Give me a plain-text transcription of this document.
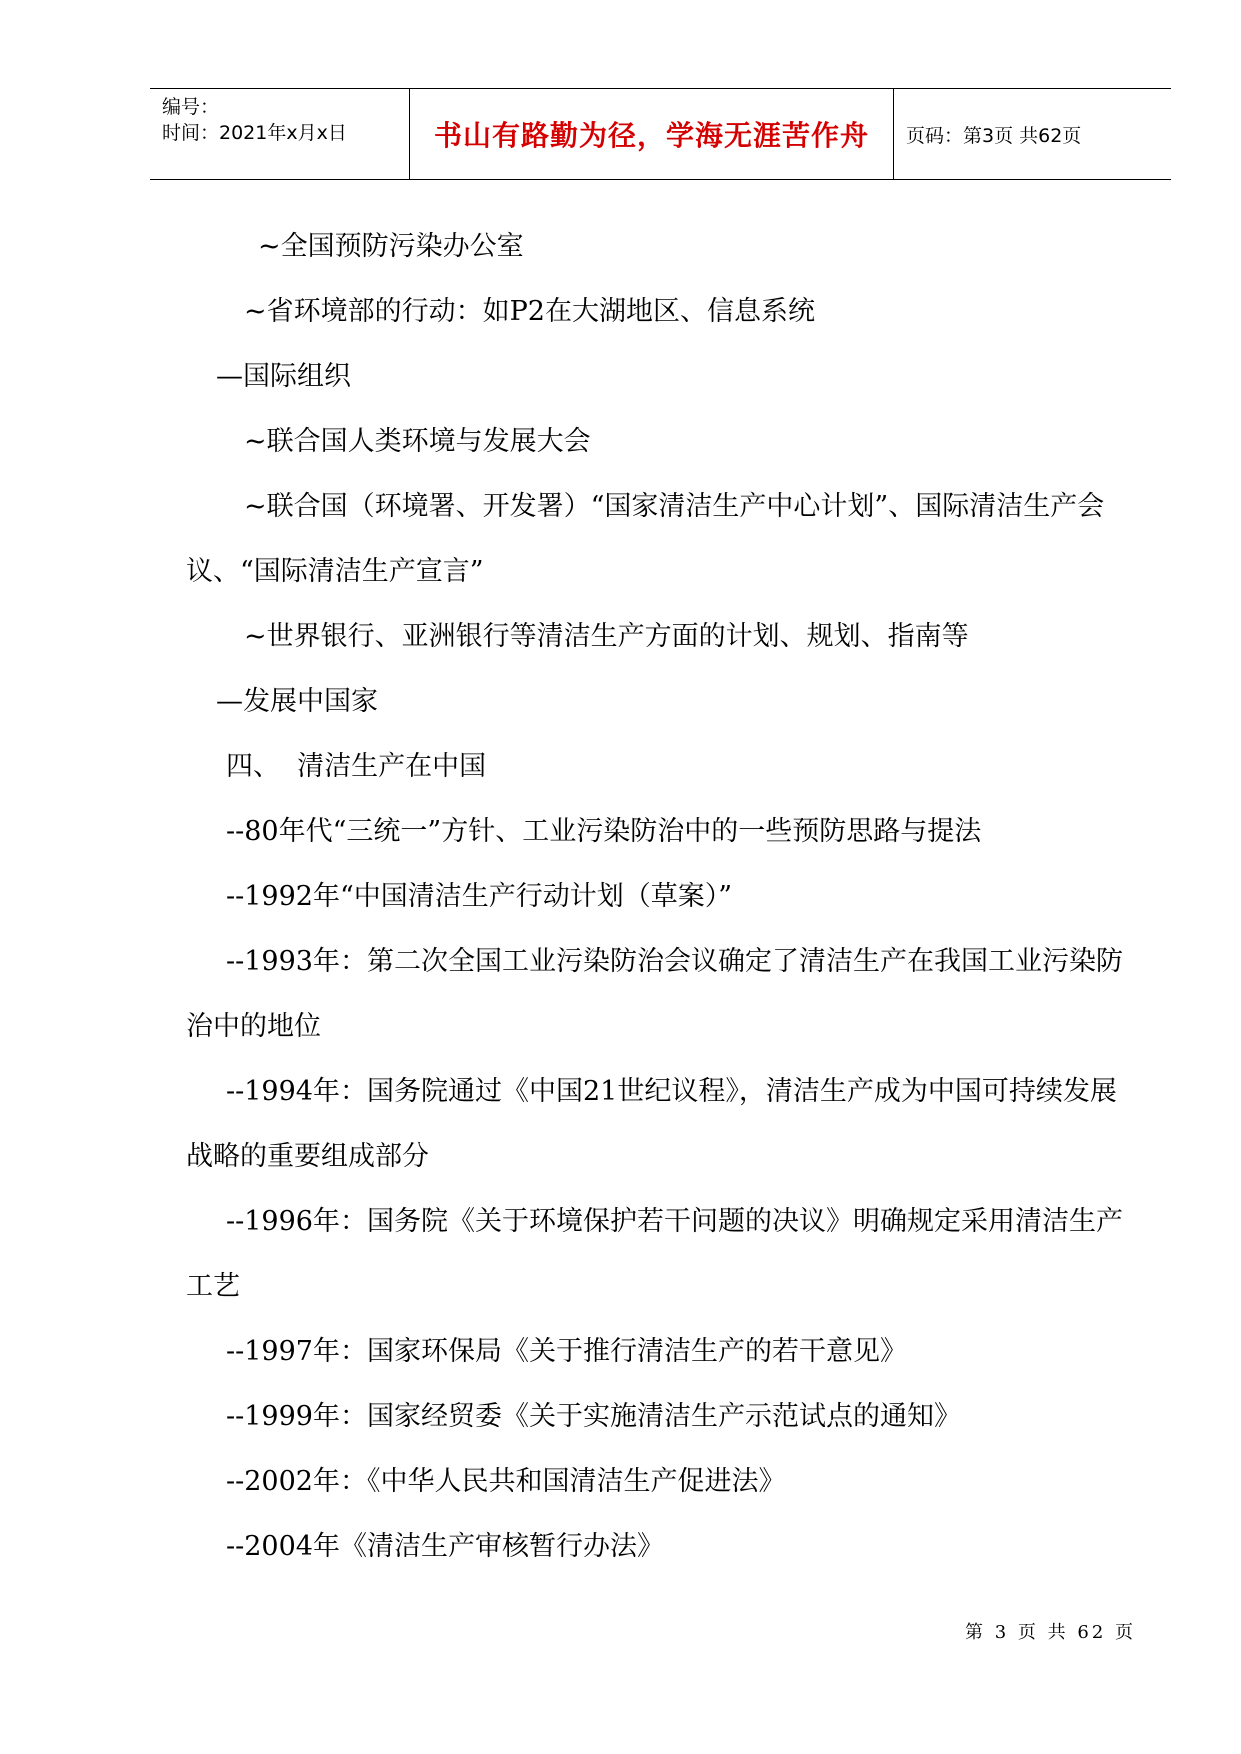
编号：
时间：2021年x月x日	书山有路勤为径，学海无涯苦作舟	页码：第3页 共62页

~全国预防污染办公室

~省环境部的行动：如P2在大湖地区、信息系统

—国际组织

~联合国人类环境与发展大会

~联合国（环境署、开发署）“国家清洁生产中心计划”、国际清洁生产会议、“国际清洁生产宣言”

~世界银行、亚洲银行等清洁生产方面的计划、规划、指南等

—发展中国家

四、  清洁生产在中国

--80年代“三统一”方针、工业污染防治中的一些预防思路与提法

--1992年“中国清洁生产行动计划（草案）”

--1993年：第二次全国工业污染防治会议确定了清洁生产在我国工业污染防治中的地位

--1994年：国务院通过《中国21世纪议程》，清洁生产成为中国可持续发展战略的重要组成部分

--1996年：国务院《关于环境保护若干问题的决议》明确规定采用清洁生产工艺

--1997年：国家环保局《关于推行清洁生产的若干意见》

--1999年：国家经贸委《关于实施清洁生产示范试点的通知》

--2002年：《中华人民共和国清洁生产促进法》

--2004年《清洁生产审核暂行办法》

第 3 页 共 62 页
